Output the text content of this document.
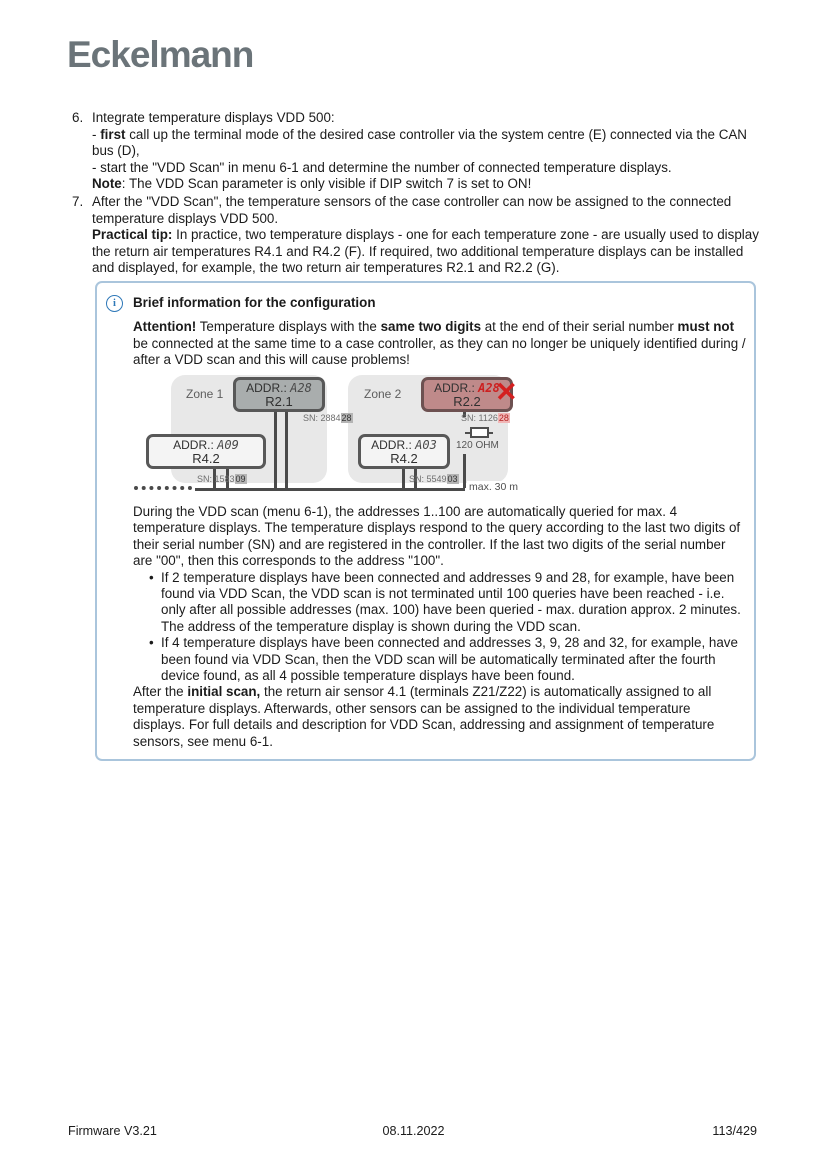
Eckelmann
6. Integrate temperature displays VDD 500:

- first call up the terminal mode of the desired case controller via the system centre (E) connected via the CAN bus (D),

- start the "VDD Scan" in menu 6-1 and determine the number of connected temperature displays.

Note: The VDD Scan parameter is only visible if DIP switch 7 is set to ON!

7. After the "VDD Scan", the temperature sensors of the case controller can now be assigned to the connected temperature displays VDD 500.

Practical tip: In practice, two temperature displays - one for each temperature zone - are usually used to display the return air temperatures R4.1 and R4.2 (F). If required, two additional temperature displays can be installed and displayed, for example, the two return air temperatures R2.1 and R2.2 (G).

i	Brief information for the configuration

Attention! Temperature displays with the same two digits at the end of their serial number must not be connected at the same time to a case controller, as they can no longer be uniquely identified during / after a VDD scan and this will cause problems!

Zone 1	Zone 2
ADDR.: A28
R2.1
ADDR.: A09
R4.2
ADDR.: A28
R2.2
ADDR.: A03
R4.2
SN: 288428
SN: 158309
SN: 112628
SN: 554903
✕
120 OHM
max. 30 m

During the VDD scan (menu 6-1), the addresses 1..100 are automatically queried for max. 4 temperature displays. The temperature displays respond to the query according to the last two digits of their serial number (SN) and are registered in the controller. If the last two digits of the serial number are "00", then this corresponds to the address "100".

• If 2 temperature displays have been connected and addresses 9 and 28, for example, have been found via VDD Scan, the VDD scan is not terminated until 100 queries have been reached - i.e. only after all possible addresses (max. 100) have been queried - max. duration approx. 2 minutes. The address of the temperature display is shown during the VDD scan.
• If 4 temperature displays have been connected and addresses 3, 9, 28 and 32, for example, have been found via VDD Scan, then the VDD scan will be automatically terminated after the fourth device found, as all 4 possible temperature displays have been found.

After the initial scan, the return air sensor 4.1 (terminals Z21/Z22) is automatically assigned to all temperature displays. Afterwards, other sensors can be assigned to the individual temperature displays. For full details and description for VDD Scan, addressing and assignment of temperature sensors, see menu 6-1.

08.11.2022
Firmware V3.21	113/429
